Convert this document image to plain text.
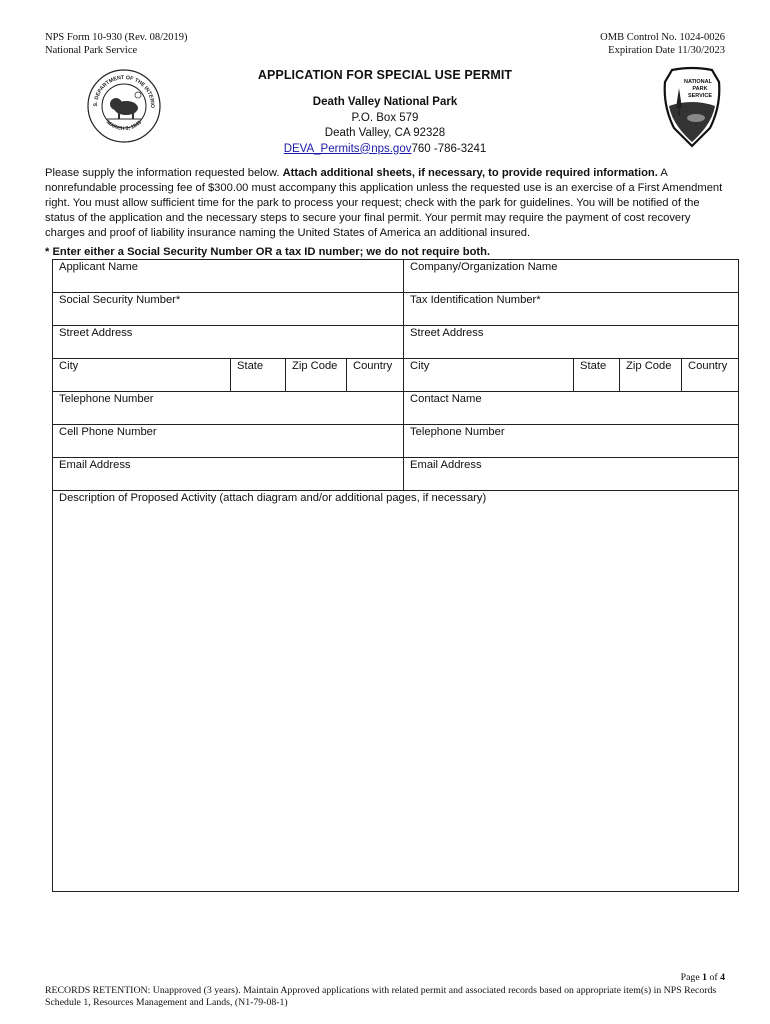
NPS Form 10-930 (Rev. 08/2019)
National Park Service
OMB Control No. 1024-0026
Expiration Date 11/30/2023
S. DEPARTMENT OF THE INTERIO
MARCH 3, 1849
NATIONAL
PARK
SERVICE
APPLICATION FOR SPECIAL USE PERMIT
Death Valley National Park
P.O. Box 579
Death Valley, CA 92328
DEVA_Permits@nps.gov760 -786-3241
Please supply the information requested below. Attach additional sheets, if necessary, to provide required information. A nonrefundable processing fee of $300.00 must accompany this application unless the requested use is an exercise of a First Amendment right. You must allow sufficient time for the park to process your request; check with the park for guidelines. You will be notified of the status of the application and the necessary steps to secure your final permit. Your permit may require the payment of cost recovery charges and proof of liability insurance naming the United States of America an additional insured.
* Enter either a Social Security Number OR a tax ID number; we do not require both.
Applicant Name				Company/Organization Name			
Social Security Number*				Tax Identification Number*			
Street Address				Street Address			
City	State	Zip Code	Country	City	State	Zip Code	Country
Telephone Number				Contact Name			
Cell Phone Number				Telephone Number			
Email Address				Email Address			
Description of Proposed Activity (attach diagram and/or additional pages, if necessary)							
Page 1 of 4
RECORDS RETENTION: Unapproved (3 years). Maintain Approved applications with related permit and associated records based on appropriate item(s) in NPS Records Schedule 1, Resources Management and Lands, (N1-79-08-1)
